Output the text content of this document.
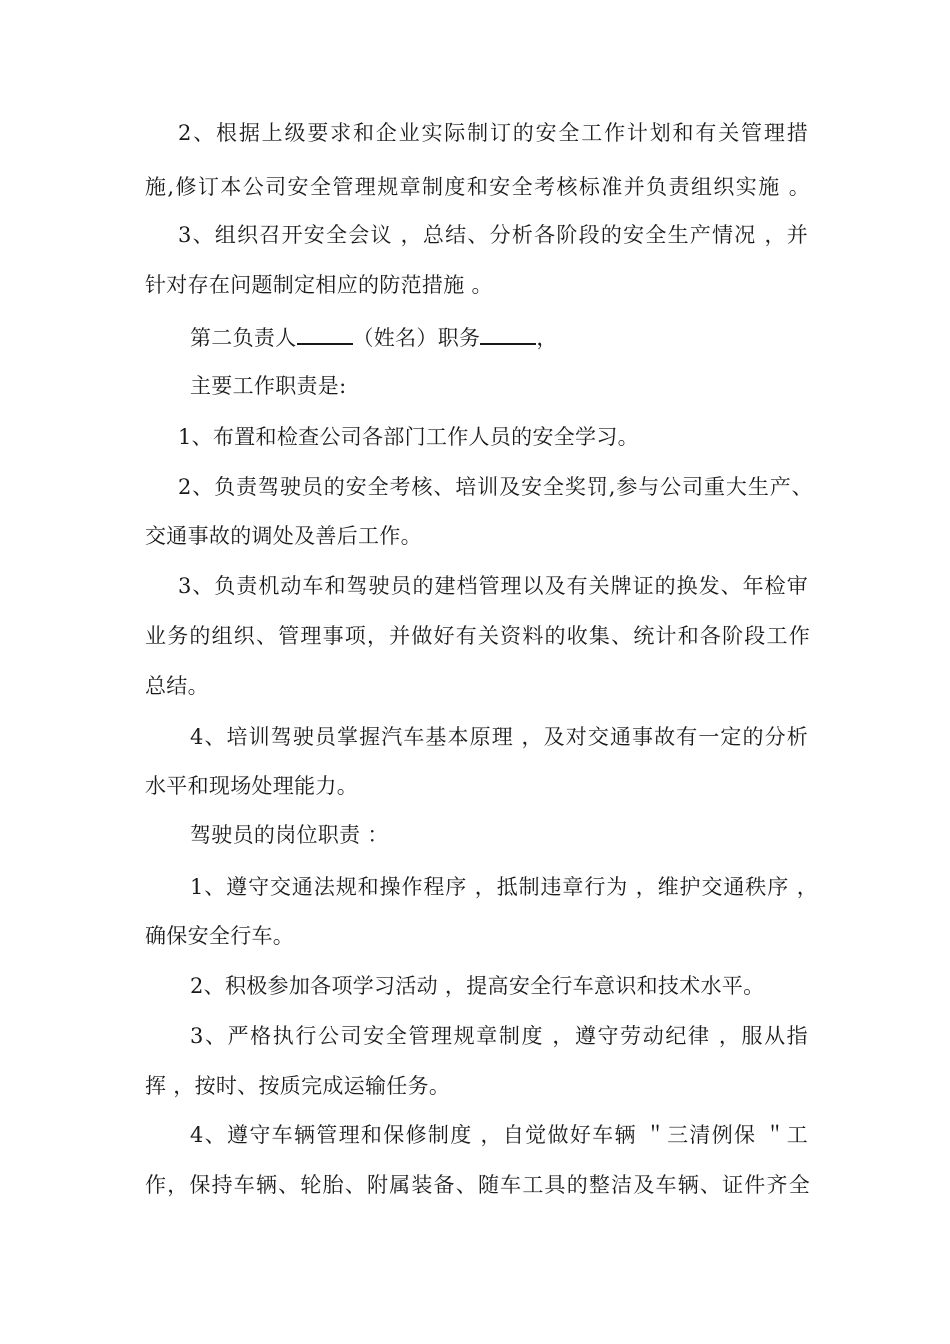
2、根据上级要求和企业实际制订的安全工作计划和有关管理措

施,修订本公司安全管理规章制度和安全考核标准并负责组织实施 。

3、组织召开安全会议 ，总结、分析各阶段的安全生产情况 ，并

针对存在问题制定相应的防范措施 。

第二负责人	（姓名）职务	，

主要工作职责是:

1、布置和检查公司各部门工作人员的安全学习。

2、负责驾驶员的安全考核、培训及安全奖罚,参与公司重大生产、

交通事故的调处及善后工作。

3、负责机动车和驾驶员的建档管理以及有关牌证的换发、年检审

业务的组织、管理事项，并做好有关资料的收集、统计和各阶段工作

总结。

4、培训驾驶员掌握汽车基本原理 ，及对交通事故有一定的分析

水平和现场处理能力。

驾驶员的岗位职责 ：

1、遵守交通法规和操作程序 ，抵制违章行为 ，维护交通秩序 ，

确保安全行车。

2、积极参加各项学习活动 ，提高安全行车意识和技术水平。

3、严格执行公司安全管理规章制度 ，遵守劳动纪律 ，服从指

挥 ，按时、按质完成运输任务。

4、遵守车辆管理和保修制度 ，自觉做好车辆 ＂三清例保 ＂工

作，保持车辆、轮胎、附属装备、随车工具的整洁及车辆、证件齐全
